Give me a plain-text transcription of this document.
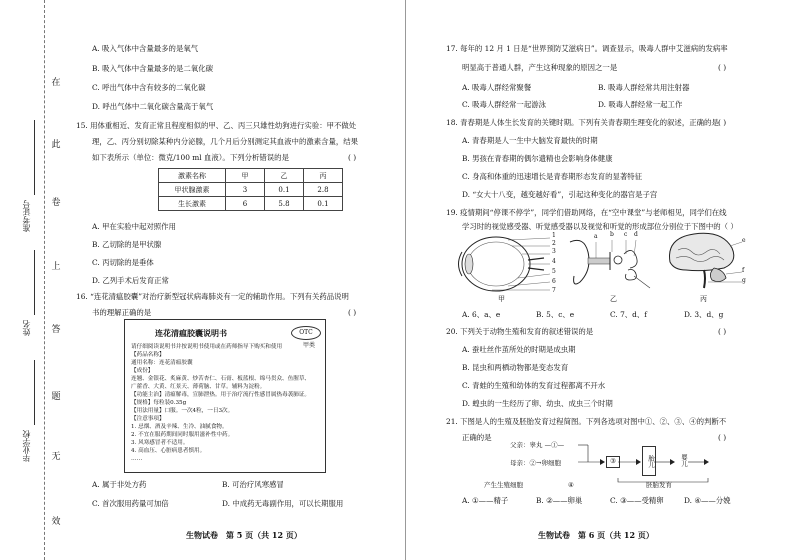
在
此
卷
上
答
题
无
效
准考证号
姓名
毕业学校
A. 吸入气体中含量最多的是氧气
B. 吸入气体中含量最多的是二氧化碳
C. 呼出气体中含有较多的二氧化碳
D. 呼出气体中二氧化碳含量高于氧气
15. 用体重相近、发育正常且程度相似的甲、乙、丙三只雄性幼狗进行实验：甲不做处
理，乙、丙分别切除某种内分泌腺，几个月后分别测定其血液中的激素含量，结果
如下表所示（单位：微克/100 ml 血液）。下列分析错误的是	( )
激素名称	甲	乙	丙
甲状腺激素	3	0.1	2.8
生长激素	6	5.8	0.1
A. 甲在实验中起对照作用
B. 乙切除的是甲状腺
C. 丙切除的是垂体
D. 乙列手术后发育正常
16. “连花清瘟胶囊”对治疗新型冠状病毒肺炎有一定的辅助作用。下列有关药品说明
书的理解正确的是	( )
生物试卷　第 5 页（共 12 页）
连花清瘟胶囊说明书	OTC
甲类
请仔细阅读说明书并按说明书使用或在药师指导下购买和使用
【药品名称】
通用名称：连花清瘟胶囊
【成份】
连翘、金银花、炙麻黄、炒苦杏仁、石膏、板蓝根、绵马贯众、鱼腥草、
广藿香、大黄、红景天、薄荷脑、甘草。辅料为淀粉。
【功能主治】清瘟解毒，宣肺泄热。用于治疗流行性感冒属热毒袭肺证。
【规格】每粒装0.35g
【用法用量】口服。一次4粒，一日3次。
【注意事项】
1. 忌烟、酒及辛辣、生冷、油腻食物。
2. 不宜在服药期间同时服用滋补性中药。
3. 风寒感冒者不适用。
4. 高血压、心脏病患者慎用。
……
A. 属于非处方药	B. 可治疗风寒感冒
C. 首次服用药量可加倍	D. 中成药无毒副作用，可以长期服用
17. 每年的 12 月 1 日是“世界预防艾滋病日”。调查显示，吸毒人群中艾滋病的发病率
明显高于普通人群，产生这种现象的原因之一是	( )
A. 吸毒人群经常聚餐	B. 吸毒人群经常共用注射器
C. 吸毒人群经常一起游泳	D. 吸毒人群经常一起工作
18. 青春期是人体生长发育的关键时期。下列有关青春期生理变化的叙述，正确的是 ( )
A. 青春期是人一生中大脑发育最快的时期
B. 男孩在青春期的偶尔遗精也会影响身体健康
C. 身高和体重的迅速增长是青春期形态发育的显著特征
D. “女大十八变，越变越好看”，引起这种变化的器官是子宫
19. 疫情期间“停课不停学”，同学们借助网络，在“空中课堂”与老师相见，同学们在线
学习时的视觉感受器、听觉感受器以及视觉和听觉的形成部位分别位于下图中的（ ）
1
2
3
4
5
6
7
甲
a b c d
乙
e
f
g
丙
A. 6、a、e	B. 5、c、e	C. 7、d、f	D. 3、d、g
20. 下列关于动物生殖和发育的叙述错误的是	( )
A. 蚕吐丝作茧所处的时期是成虫期
B. 昆虫和两栖动物都是变态发育
C. 青蛙的生殖和幼体的发育过程都离不开水
D. 蝗虫的一生经历了卵、幼虫、成虫三个时期
21. 下图是人的生殖及胚胎发育过程简图。下列各选项对图中①、②、③、④的判断不
正确的是	( )
父亲：睾丸 —①—
母亲：②→卵细胞	③	胎儿	婴儿
产生生殖细胞	④	胚胎发育
A. ①——精子	B. ②——卵巢	C. ③——受精卵	D. ④——分娩
生物试卷　第 6 页（共 12 页）
